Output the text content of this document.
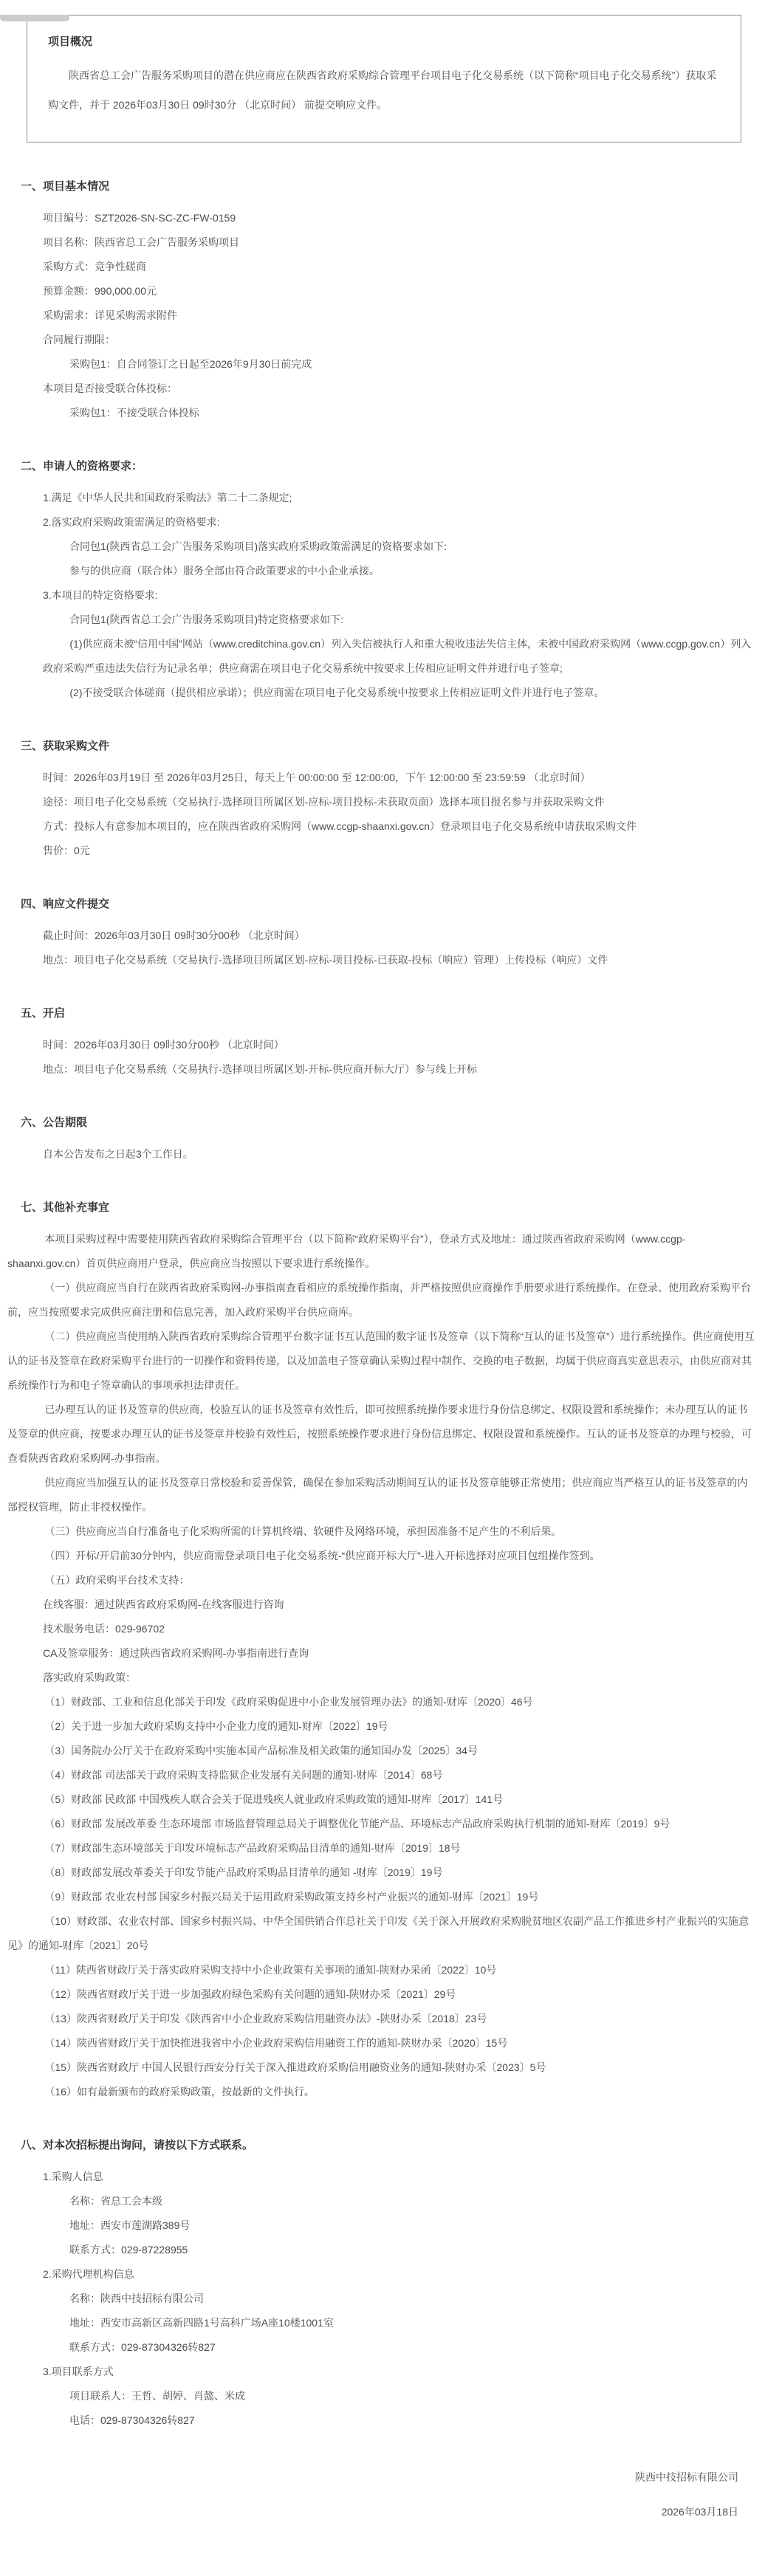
项目概况

陕西省总工会广告服务采购项目的潜在供应商应在陕西省政府采购综合管理平台项目电子化交易系统（以下简称“项目电子化交易系统”）获取采购文件，并于 2026年03月30日 09时30分 （北京时间） 前提交响应文件。

一、项目基本情况

项目编号：SZT2026-SN-SC-ZC-FW-0159

项目名称：陕西省总工会广告服务采购项目

采购方式：竞争性磋商

预算金额：990,000.00元

采购需求：详见采购需求附件

合同履行期限：

采购包1：自合同签订之日起至2026年9月30日前完成

本项目是否接受联合体投标：

采购包1：不接受联合体投标

二、申请人的资格要求：

1.满足《中华人民共和国政府采购法》第二十二条规定;

2.落实政府采购政策需满足的资格要求:

合同包1(陕西省总工会广告服务采购项目)落实政府采购政策需满足的资格要求如下:

参与的供应商（联合体）服务全部由符合政策要求的中小企业承接。

3.本项目的特定资格要求:

合同包1(陕西省总工会广告服务采购项目)特定资格要求如下:

(1)供应商未被“信用中国”网站（www.creditchina.gov.cn）列入失信被执行人和重大税收违法失信主体，未被中国政府采购网（www.ccgp.gov.cn）列入政府采购严重违法失信行为记录名单；供应商需在项目电子化交易系统中按要求上传相应证明文件并进行电子签章;

(2)不接受联合体磋商（提供相应承诺）；供应商需在项目电子化交易系统中按要求上传相应证明文件并进行电子签章。

三、获取采购文件

时间：2026年03月19日 至 2026年03月25日，每天上午 00:00:00 至 12:00:00，下午 12:00:00 至 23:59:59 （北京时间）

途径：项目电子化交易系统（交易执行-选择项目所属区划-应标-项目投标-未获取页面）选择本项目报名参与并获取采购文件

方式：投标人有意参加本项目的，应在陕西省政府采购网（www.ccgp-shaanxi.gov.cn）登录项目电子化交易系统申请获取采购文件

售价：0元

四、响应文件提交

截止时间：2026年03月30日 09时30分00秒 （北京时间）

地点：项目电子化交易系统（交易执行-选择项目所属区划-应标-项目投标-已获取-投标（响应）管理）上传投标（响应）文件

五、开启

时间：2026年03月30日 09时30分00秒 （北京时间）

地点：项目电子化交易系统（交易执行-选择项目所属区划-开标-供应商开标大厅）参与线上开标

六、公告期限

自本公告发布之日起3个工作日。

七、其他补充事宜

本项目采购过程中需要使用陕西省政府采购综合管理平台（以下简称“政府采购平台”），登录方式及地址：通过陕西省政府采购网（www.ccgp-shaanxi.gov.cn）首页供应商用户登录，供应商应当按照以下要求进行系统操作。

（一）供应商应当自行在陕西省政府采购网-办事指南查看相应的系统操作指南，并严格按照供应商操作手册要求进行系统操作。在登录、使用政府采购平台前，应当按照要求完成供应商注册和信息完善，加入政府采购平台供应商库。

（二）供应商应当使用纳入陕西省政府采购综合管理平台数字证书互认范围的数字证书及签章（以下简称“互认的证书及签章”）进行系统操作。供应商使用互认的证书及签章在政府采购平台进行的一切操作和资料传递，以及加盖电子签章确认采购过程中制作、交换的电子数据，均属于供应商真实意思表示，由供应商对其系统操作行为和电子签章确认的事项承担法律责任。

已办理互认的证书及签章的供应商，校验互认的证书及签章有效性后，即可按照系统操作要求进行身份信息绑定、权限设置和系统操作；未办理互认的证书及签章的供应商，按要求办理互认的证书及签章并校验有效性后，按照系统操作要求进行身份信息绑定、权限设置和系统操作。互认的证书及签章的办理与校验，可查看陕西省政府采购网-办事指南。

供应商应当加强互认的证书及签章日常校验和妥善保管，确保在参加采购活动期间互认的证书及签章能够正常使用；供应商应当严格互认的证书及签章的内部授权管理，防止非授权操作。

（三）供应商应当自行准备电子化采购所需的计算机终端、软硬件及网络环境，承担因准备不足产生的不利后果。

（四）开标/开启前30分钟内，供应商需登录项目电子化交易系统-“供应商开标大厅”-进入开标选择对应项目包组操作签到。

（五）政府采购平台技术支持：

在线客服：通过陕西省政府采购网-在线客服进行咨询

技术服务电话：029-96702

CA及签章服务：通过陕西省政府采购网-办事指南进行查询

落实政府采购政策：

（1）财政部、工业和信息化部关于印发《政府采购促进中小企业发展管理办法》的通知-财库〔2020〕46号

（2）关于进一步加大政府采购支持中小企业力度的通知-财库〔2022〕19号

（3）国务院办公厅关于在政府采购中实施本国产品标准及相关政策的通知国办发〔2025〕34号

（4）财政部 司法部关于政府采购支持监狱企业发展有关问题的通知-财库〔2014〕68号

（5）财政部 民政部 中国残疾人联合会关于促进残疾人就业政府采购政策的通知-财库〔2017〕141号

（6）财政部 发展改革委 生态环境部 市场监督管理总局关于调整优化节能产品、环境标志产品政府采购执行机制的通知-财库〔2019〕9号

（7）财政部生态环境部关于印发环境标志产品政府采购品目清单的通知-财库〔2019〕18号

（8）财政部发展改革委关于印发节能产品政府采购品目清单的通知 -财库〔2019〕19号

（9）财政部 农业农村部 国家乡村振兴局关于运用政府采购政策支持乡村产业振兴的通知-财库〔2021〕19号

（10）财政部、农业农村部、国家乡村振兴局、中华全国供销合作总社关于印发《关于深入开展政府采购脱贫地区农副产品工作推进乡村产业振兴的实施意见》的通知-财库〔2021〕20号

（11）陕西省财政厅关于落实政府采购支持中小企业政策有关事项的通知-陕财办采函〔2022〕10号

（12）陕西省财政厅关于进一步加强政府绿色采购有关问题的通知-陕财办采〔2021〕29号

（13）陕西省财政厅关于印发《陕西省中小企业政府采购信用融资办法》-陕财办采〔2018〕23号

（14）陕西省财政厅关于加快推进我省中小企业政府采购信用融资工作的通知-陕财办采〔2020〕15号

（15）陕西省财政厅 中国人民银行西安分行关于深入推进政府采购信用融资业务的通知-陕财办采〔2023〕5号

（16）如有最新颁布的政府采购政策，按最新的文件执行。

八、对本次招标提出询问，请按以下方式联系。

1.采购人信息

名称：省总工会本级

地址：西安市莲湖路389号

联系方式：029-87228955

2.采购代理机构信息

名称：陕西中技招标有限公司

地址：西安市高新区高新四路1号高科广场A座10楼1001室

联系方式：029-87304326转827

3.项目联系方式

项目联系人：王哲、胡婷、肖懿、米成

电话：029-87304326转827

陕西中技招标有限公司

2026年03月18日
